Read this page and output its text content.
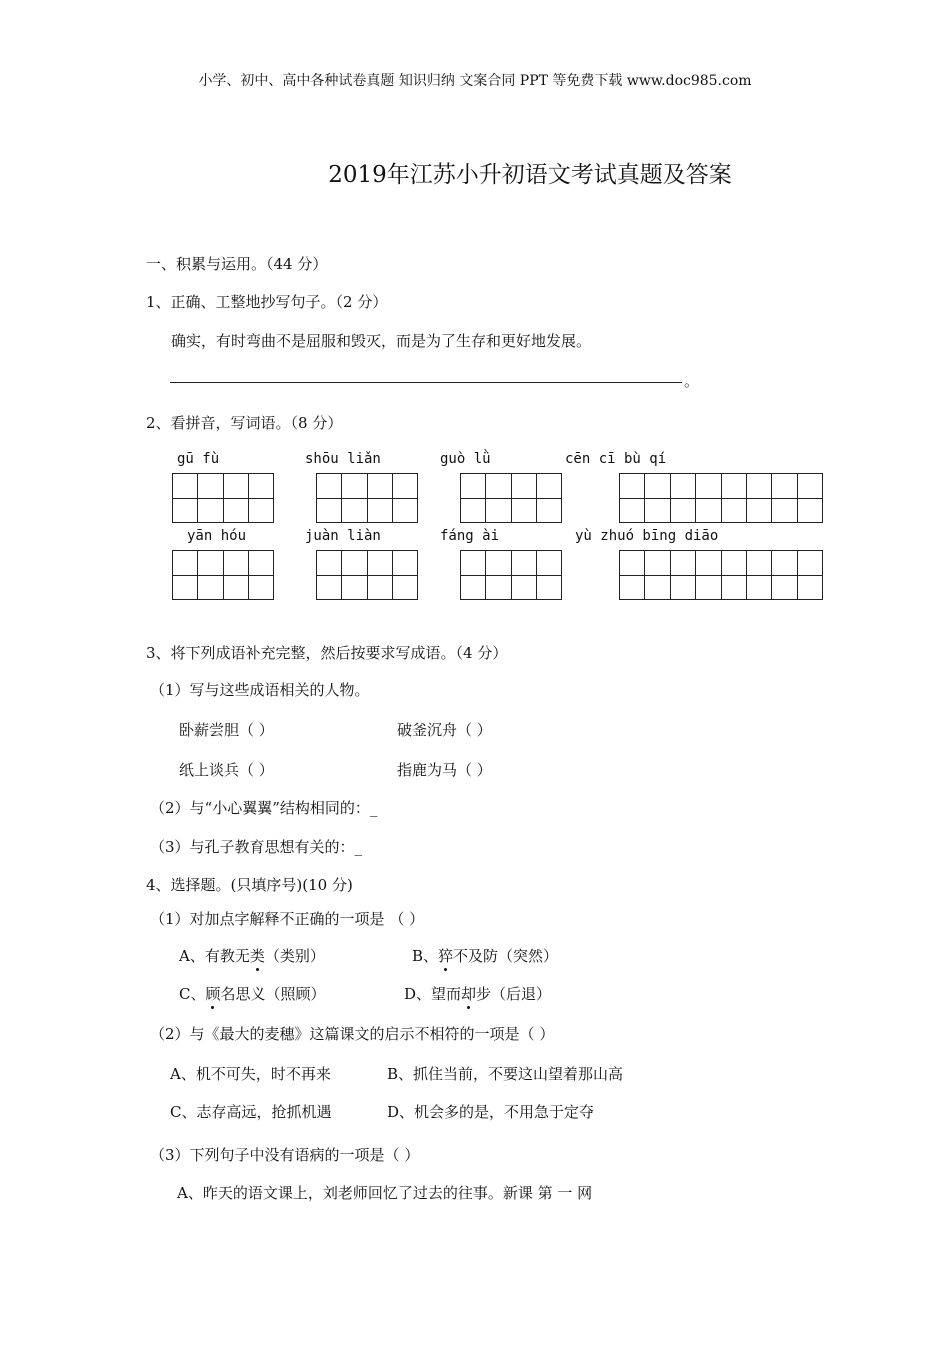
小学、初中、高中各种试卷真题 知识归纳 文案合同 PPT 等免费下载 www.doc985.com
2019年江苏小升初语文考试真题及答案
一、积累与运用。（44 分）
1、正确、工整地抄写句子。（2 分）
确实，有时弯曲不是屈服和毁灭，而是为了生存和更好地发展。
。
2、看拼音，写词语。（8 分）
gū fù	shōu liǎn	guò lǜ	cēn cī bù qí
yān hóu	juàn liàn	fáng ài	yù zhuó bīng diāo
3、将下列成语补充完整，然后按要求写成语。（4 分）
（1）写与这些成语相关的人物。
卧薪尝胆（ ）	破釜沉舟（ ）
纸上谈兵（ ）	指鹿为马（ ）
（2）与“小心翼翼”结构相同的：_
（3）与孔子教育思想有关的：_
4、选择题。(只填序号)(10 分)
（1）对加点字解释不正确的一项是 （ ）
A、有教无类（类别）	B、猝不及防（突然）
C、顾名思义（照顾）	D、望而却步（后退）
（2）与《最大的麦穗》这篇课文的启示不相符的一项是（ ）
A、机不可失，时不再来	B、抓住当前，不要这山望着那山高
C、志存高远，抢抓机遇	D、机会多的是，不用急于定夺
（3）下列句子中没有语病的一项是（ ）
A、昨天的语文课上，刘老师回忆了过去的往事。新课 第 一 网
